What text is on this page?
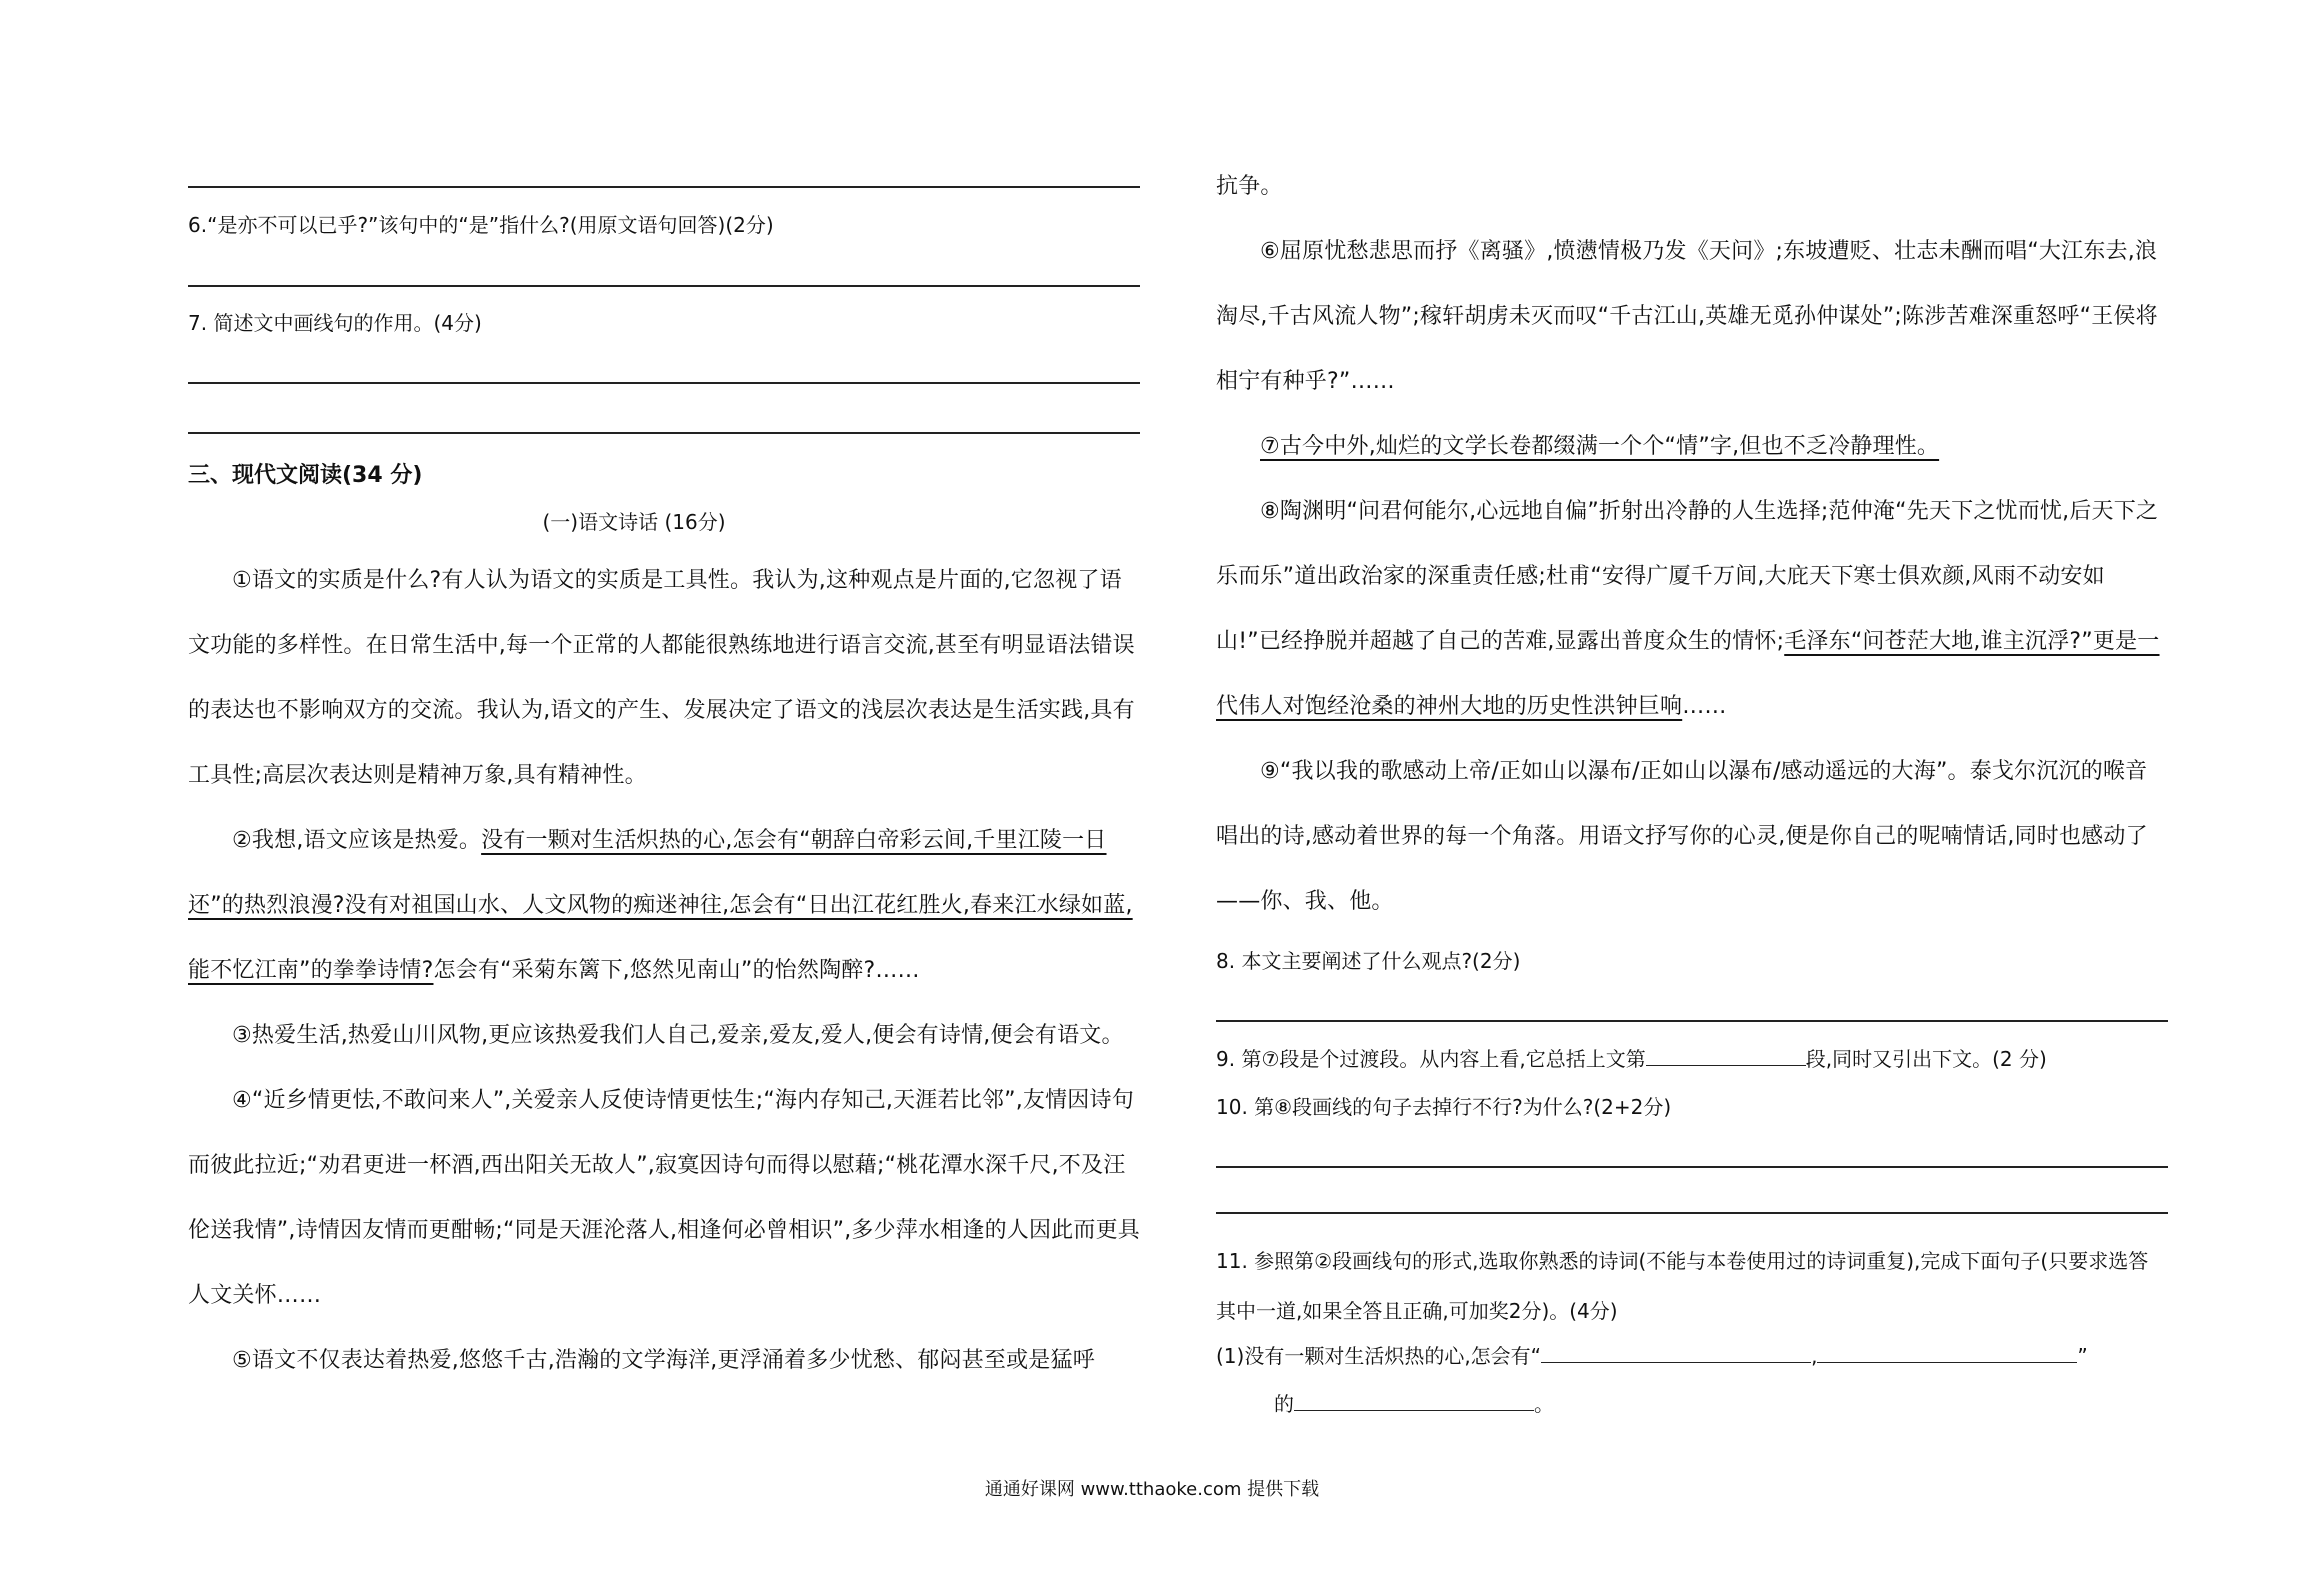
6.“是亦不可以已乎?”该句中的“是”指什么?(用原文语句回答)(2分)
7. 简述文中画线句的作用。(4分)
三、现代文阅读(34 分)
(一)语文诗话 (16分)

①语文的实质是什么?有人认为语文的实质是工具性。我认为,这种观点是片面的,它忽视了语文功能的多样性。在日常生活中,每一个正常的人都能很熟练地进行语言交流,甚至有明显语法错误的表达也不影响双方的交流。我认为,语文的产生、发展决定了语文的浅层次表达是生活实践,具有工具性;高层次表达则是精神万象,具有精神性。

②我想,语文应该是热爱。没有一颗对生活炽热的心,怎会有“朝辞白帝彩云间,千里江陵一日还”的热烈浪漫?没有对祖国山水、人文风物的痴迷神往,怎会有“日出江花红胜火,春来江水绿如蓝,能不忆江南”的拳拳诗情?怎会有“采菊东篱下,悠然见南山”的怡然陶醉?……

③热爱生活,热爱山川风物,更应该热爱我们人自己,爱亲,爱友,爱人,便会有诗情,便会有语文。

④“近乡情更怯,不敢问来人”,关爱亲人反使诗情更怯生;“海内存知己,天涯若比邻”,友情因诗句而彼此拉近;“劝君更进一杯酒,西出阳关无故人”,寂寞因诗句而得以慰藉;“桃花潭水深千尺,不及汪伦送我情”,诗情因友情而更酣畅;“同是天涯沦落人,相逢何必曾相识”,多少萍水相逢的人因此而更具人文关怀……

⑤语文不仅表达着热爱,悠悠千古,浩瀚的文学海洋,更浮涌着多少忧愁、郁闷甚至或是猛呼

抗争。

⑥屈原忧愁悲思而抒《离骚》,愤懑情极乃发《天问》;东坡遭贬、壮志未酬而唱“大江东去,浪淘尽,千古风流人物”;稼轩胡虏未灭而叹“千古江山,英雄无觅孙仲谋处”;陈涉苦难深重怒呼“王侯将相宁有种乎?”……

⑦古今中外,灿烂的文学长卷都缀满一个个“情”字,但也不乏冷静理性。

⑧陶渊明“问君何能尔,心远地自偏”折射出冷静的人生选择;范仲淹“先天下之忧而忧,后天下之乐而乐”道出政治家的深重责任感;杜甫“安得广厦千万间,大庇天下寒士俱欢颜,风雨不动安如山!”已经挣脱并超越了自己的苦难,显露出普度众生的情怀;毛泽东“问苍茫大地,谁主沉浮?”更是一代伟人对饱经沧桑的神州大地的历史性洪钟巨响……

⑨“我以我的歌感动上帝/正如山以瀑布/正如山以瀑布/感动遥远的大海”。泰戈尔沉沉的喉音唱出的诗,感动着世界的每一个角落。用语文抒写你的心灵,便是你自己的呢喃情话,同时也感动了——你、我、他。

8. 本文主要阐述了什么观点?(2分)
9. 第⑦段是个过渡段。从内容上看,它总括上文第	段,同时又引出下文。(2 分)
10. 第⑧段画线的句子去掉行不行?为什么?(2+2分)
11. 参照第②段画线句的形式,选取你熟悉的诗词(不能与本卷使用过的诗词重复),完成下面句子(只要求选答其中一道,如果全答且正确,可加奖2分)。(4分)
(1)没有一颗对生活炽热的心,怎会有“	,	”
的	。
通通好课网 www.tthaoke.com 提供下载
